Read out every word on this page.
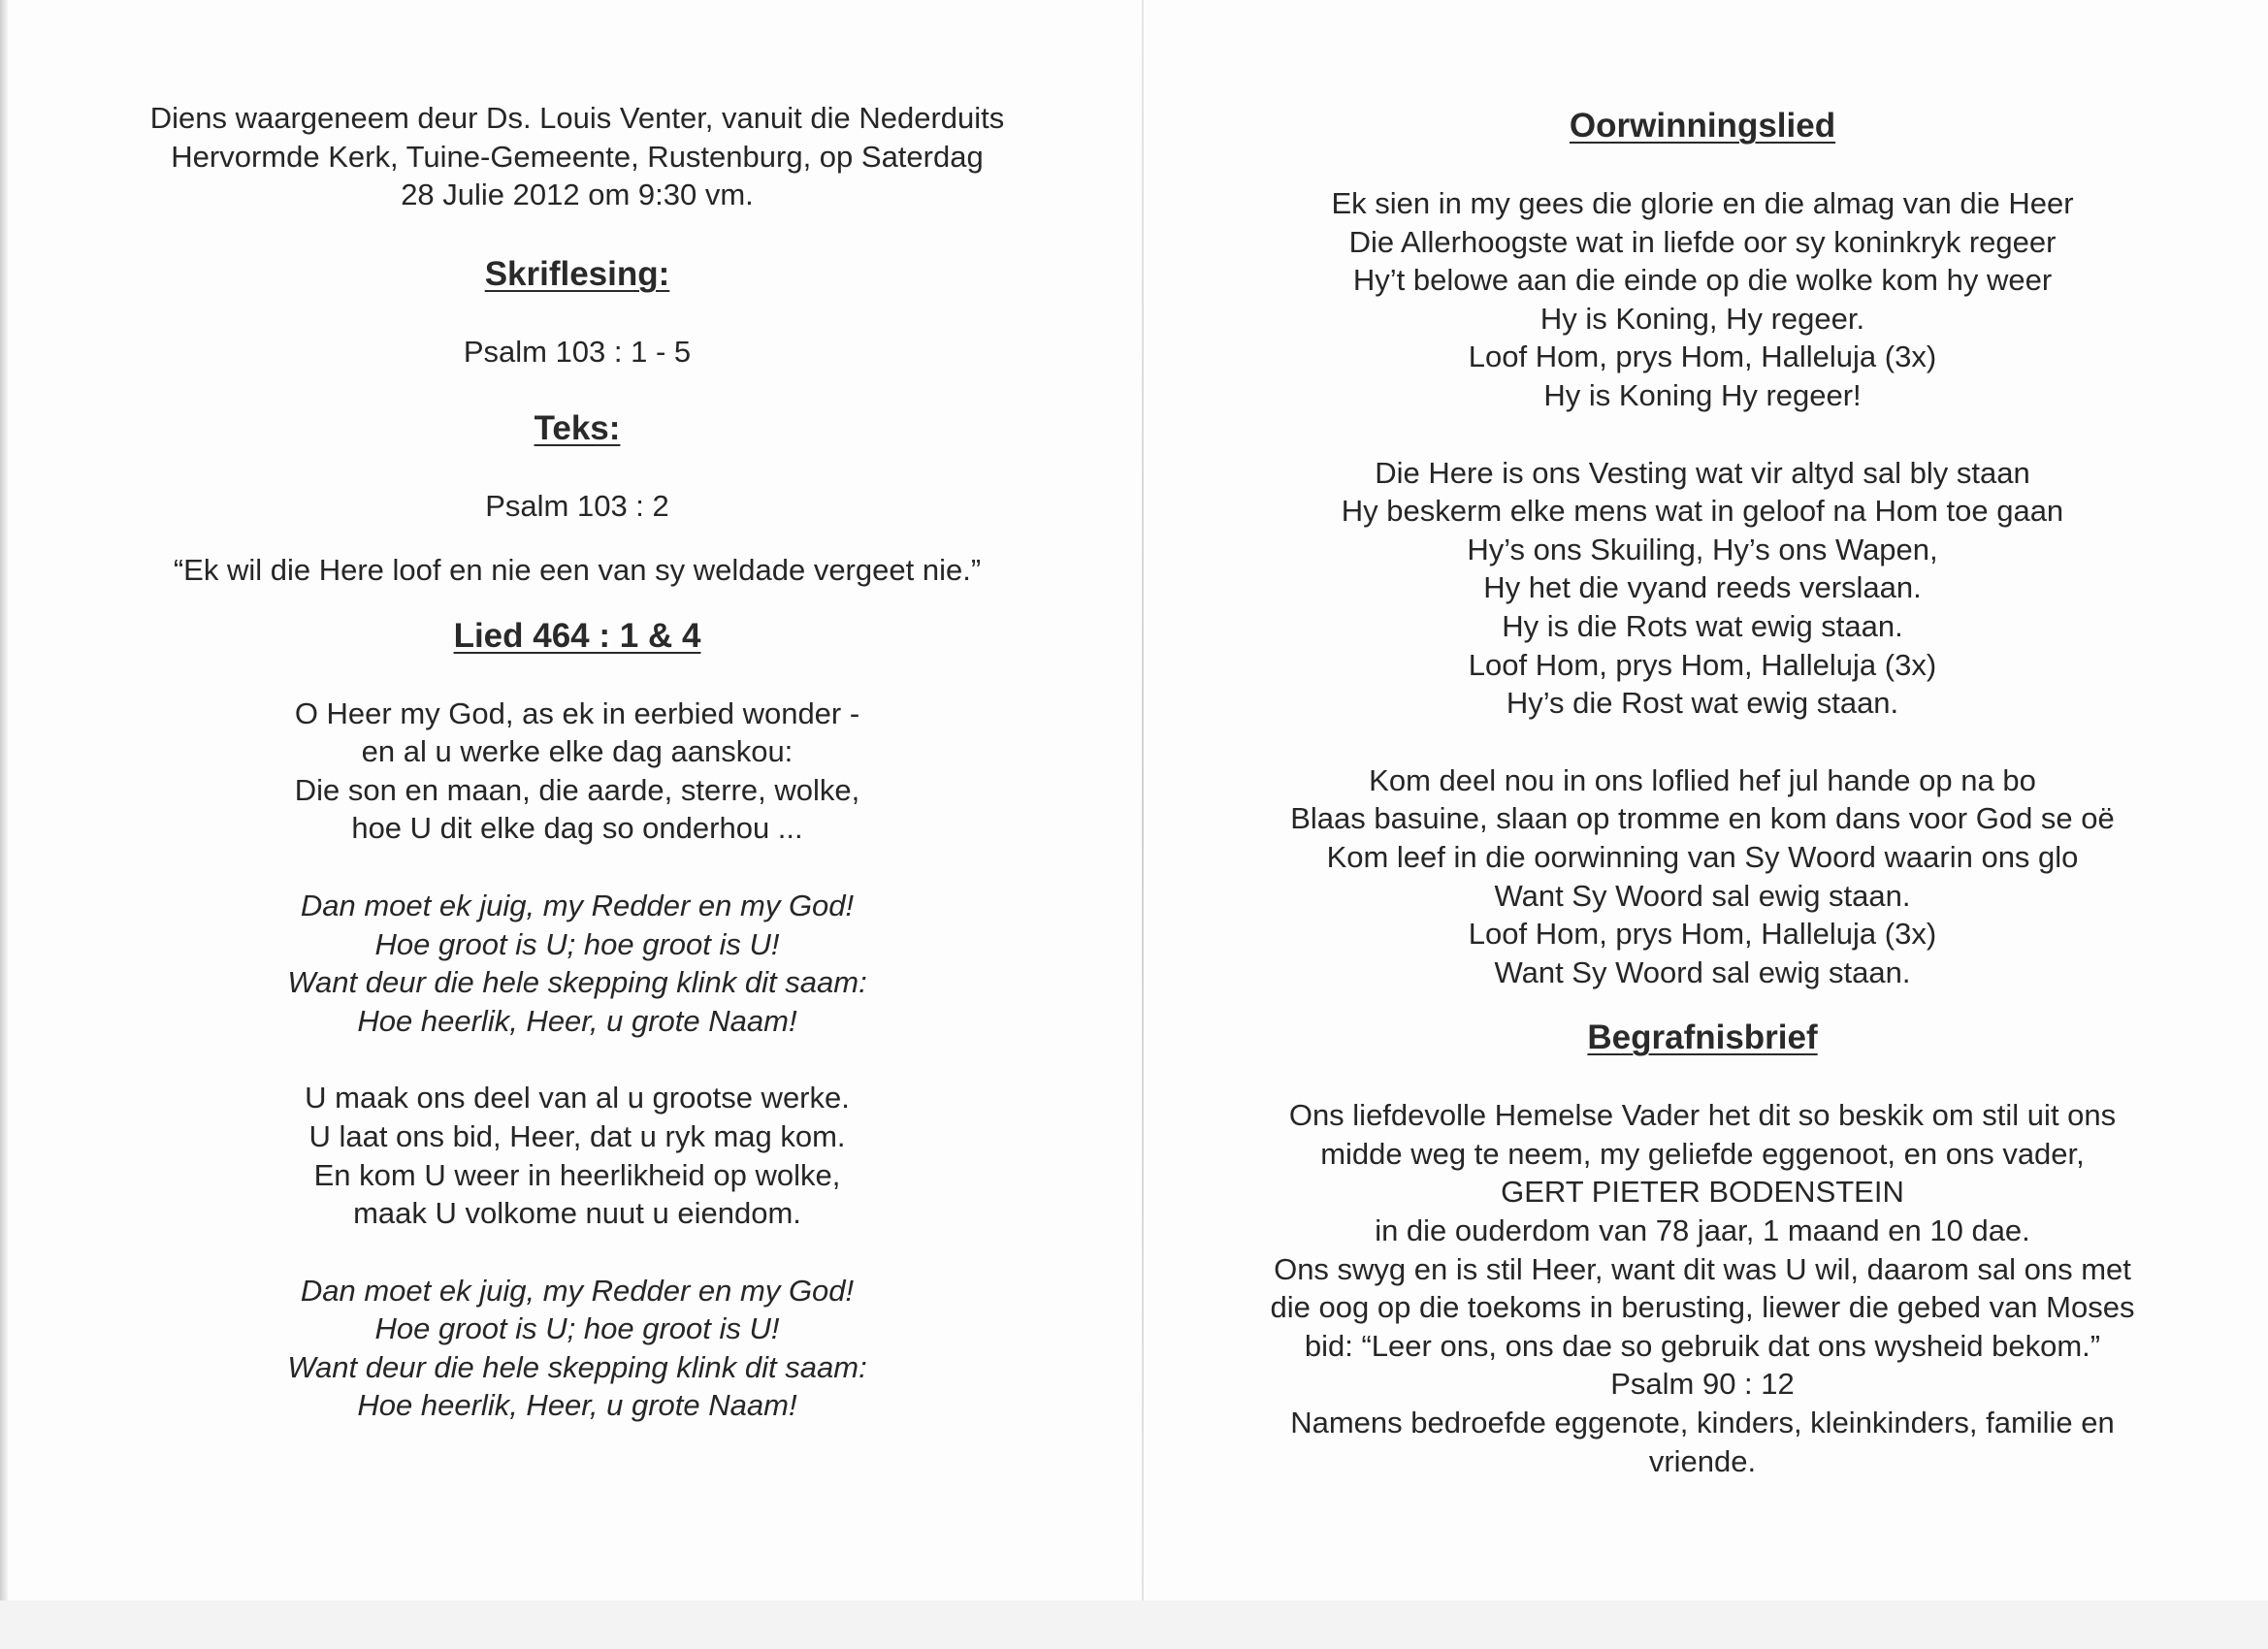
Diens waargeneem deur Ds. Louis Venter, vanuit die Nederduits
Hervormde Kerk, Tuine-Gemeente, Rustenburg, op Saterdag
28 Julie 2012 om 9:30 vm.

Skriflesing:

Psalm 103 : 1 - 5

Teks:

Psalm 103 : 2

“Ek wil die Here loof en nie een van sy weldade vergeet nie.”

Lied 464 : 1 & 4

O Heer my God, as ek in eerbied wonder -
en al u werke elke dag aanskou:
Die son en maan, die aarde, sterre, wolke,
hoe U dit elke dag so onderhou ...

Dan moet ek juig, my Redder en my God!
Hoe groot is U; hoe groot is U!
Want deur die hele skepping klink dit saam:
Hoe heerlik, Heer, u grote Naam!

U maak ons deel van al u grootse werke.
U laat ons bid, Heer, dat u ryk mag kom.
En kom U weer in heerlikheid op wolke,
maak U volkome nuut u eiendom.

Dan moet ek juig, my Redder en my God!
Hoe groot is U; hoe groot is U!
Want deur die hele skepping klink dit saam:
Hoe heerlik, Heer, u grote Naam!

Oorwinningslied

Ek sien in my gees die glorie en die almag van die Heer
Die Allerhoogste wat in liefde oor sy koninkryk regeer
Hy’t belowe aan die einde op die wolke kom hy weer
Hy is Koning, Hy regeer.
Loof Hom, prys Hom, Halleluja (3x)
Hy is Koning Hy regeer!

Die Here is ons Vesting wat vir altyd sal bly staan
Hy beskerm elke mens wat in geloof na Hom toe gaan
Hy’s ons Skuiling, Hy’s ons Wapen,
Hy het die vyand reeds verslaan.
Hy is die Rots wat ewig staan.
Loof Hom, prys Hom, Halleluja (3x)
Hy’s die Rost wat ewig staan.

Kom deel nou in ons loflied hef jul hande op na bo
Blaas basuine, slaan op tromme en kom dans voor God se oë
Kom leef in die oorwinning van Sy Woord waarin ons glo
Want Sy Woord sal ewig staan.
Loof Hom, prys Hom, Halleluja (3x)
Want Sy Woord sal ewig staan.

Begrafnisbrief

Ons liefdevolle Hemelse Vader het dit so beskik om stil uit ons
midde weg te neem, my geliefde eggenoot, en ons vader,
GERT PIETER BODENSTEIN
in die ouderdom van 78 jaar, 1 maand en 10 dae.
Ons swyg en is stil Heer, want dit was U wil, daarom sal ons met
die oog op die toekoms in berusting, liewer die gebed van Moses
bid: “Leer ons, ons dae so gebruik dat ons wysheid bekom.”
Psalm 90 : 12
Namens bedroefde eggenote, kinders, kleinkinders, familie en
vriende.
